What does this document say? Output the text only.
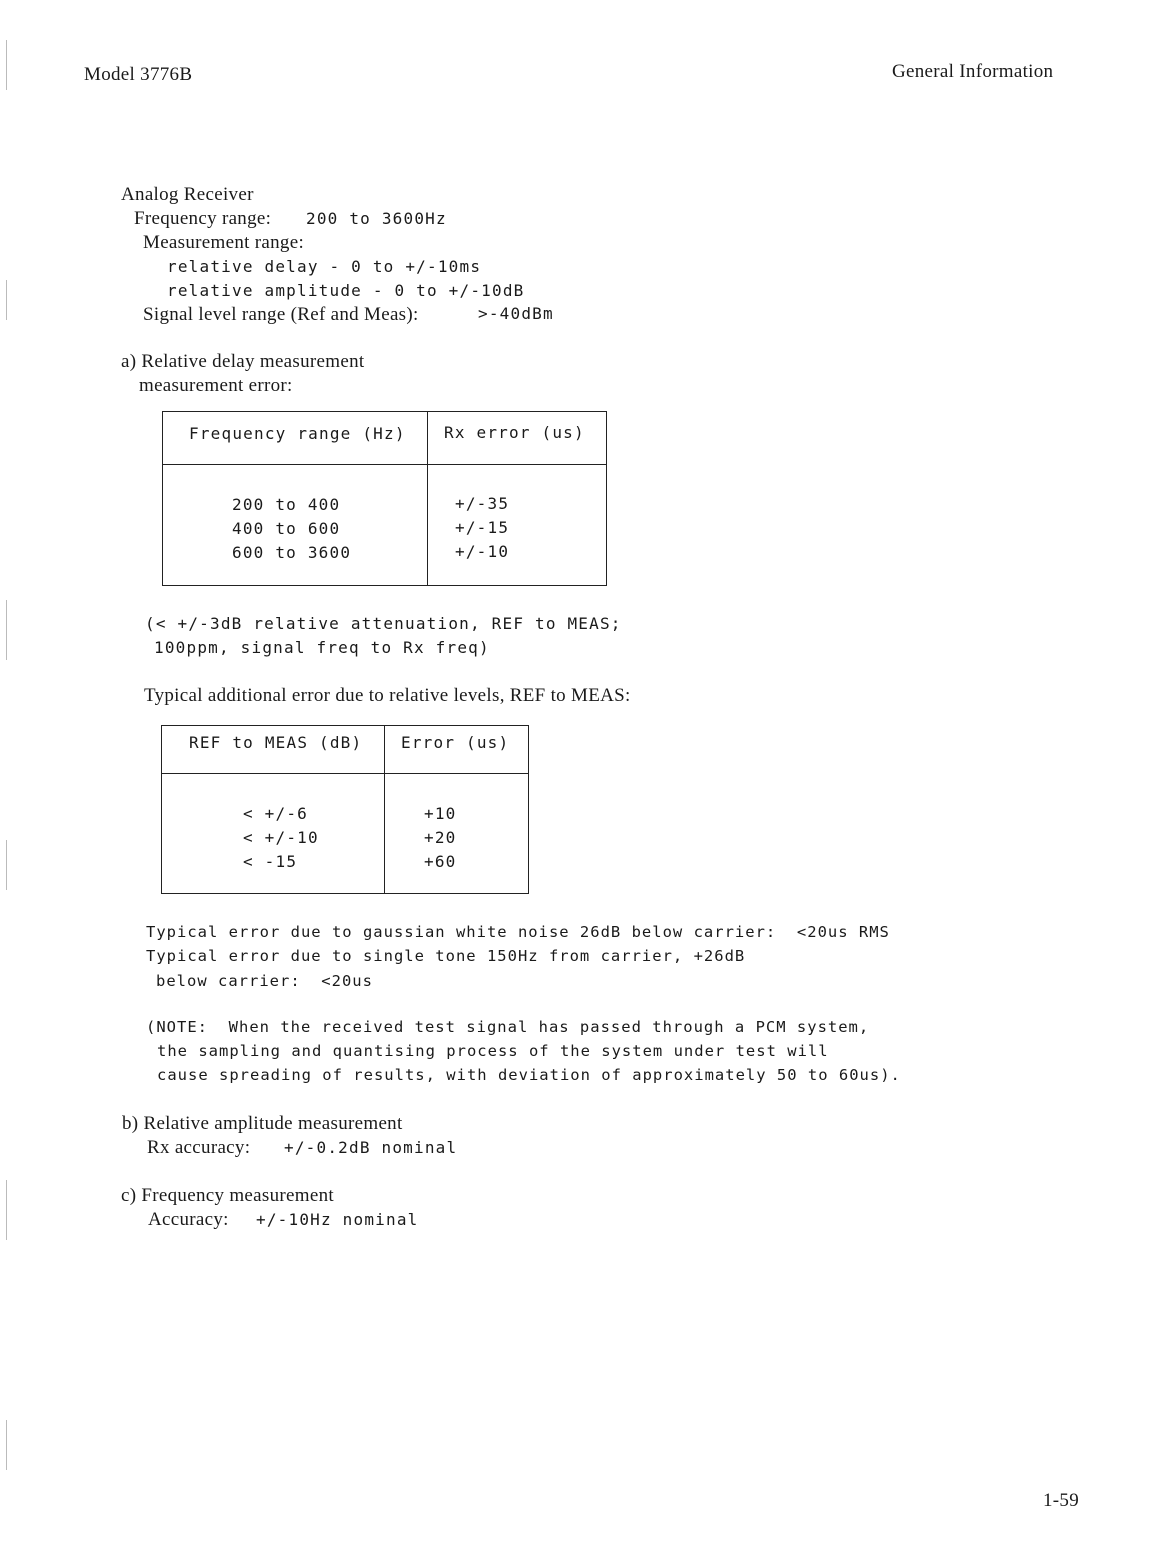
Model 3776B	General Information
Analog Receiver
Frequency range: 200 to 3600Hz
Measurement range:
relative delay - 0 to +/-10ms
relative amplitude - 0 to +/-10dB
Signal level range (Ref and Meas):	>-40dBm
a) Relative delay measurement
measurement error:
Frequency range (Hz) Rx error (us)
200 to 400	+/-35
400 to 600	+/-15
600 to 3600	+/-10
(< +/-3dB relative attenuation, REF to MEAS;
100ppm, signal freq to Rx freq)
Typical additional error due to relative levels, REF to MEAS:
REF to MEAS (dB) Error (us)
< +/-6	+10
< +/-10	+20
< -15	+60
Typical error due to gaussian white noise 26dB below carrier:  <20us RMS
Typical error due to single tone 150Hz from carrier, +26dB
below carrier:  <20us
(NOTE:  When the received test signal has passed through a PCM system,
the sampling and quantising process of the system under test will
cause spreading of results, with deviation of approximately 50 to 60us).
b) Relative amplitude measurement
Rx accuracy: +/-0.2dB nominal
c) Frequency measurement
Accuracy: +/-10Hz nominal
1-59
